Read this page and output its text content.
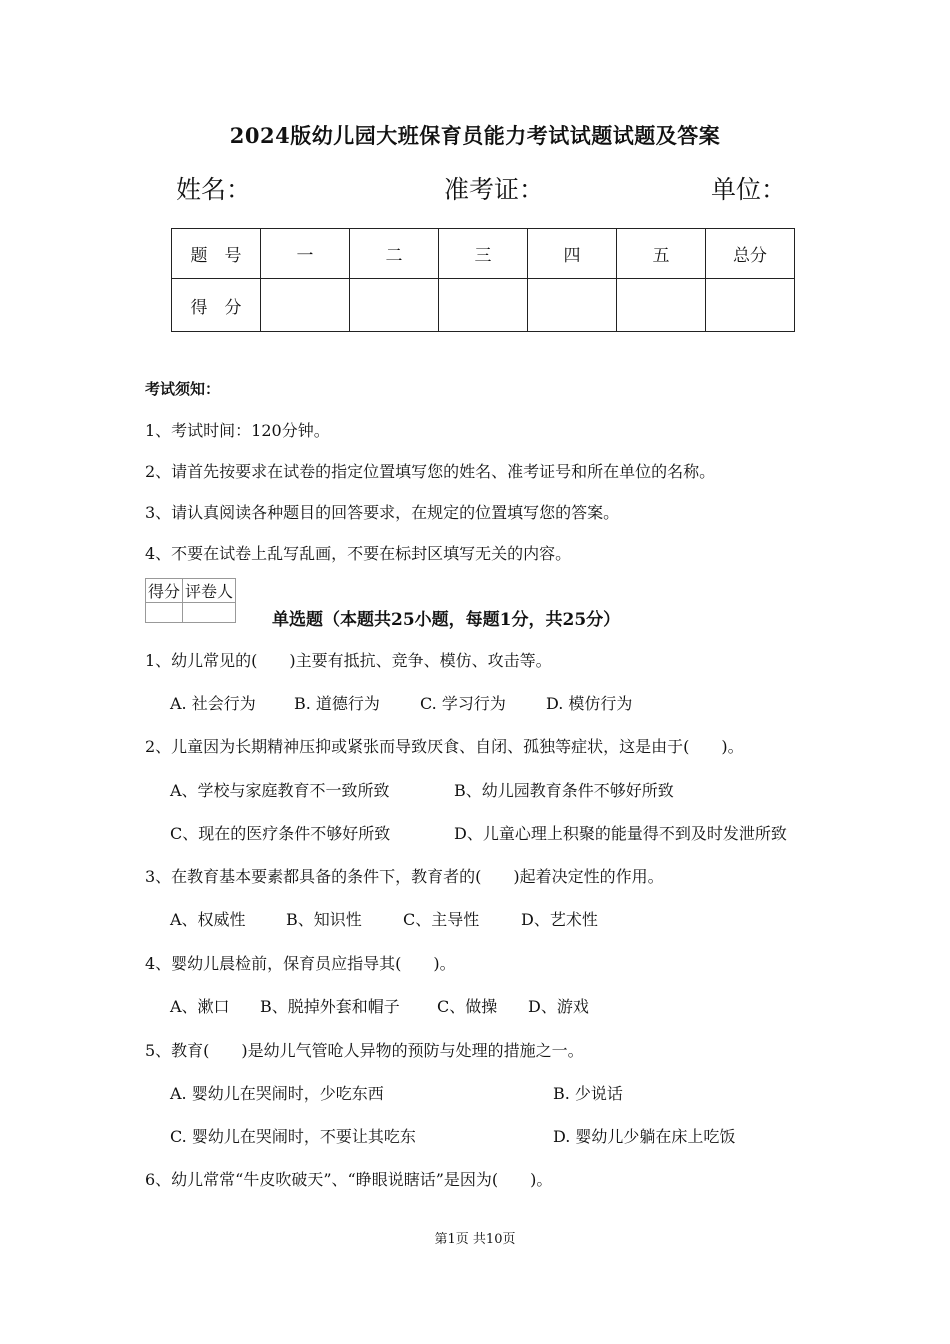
2024版幼儿园大班保育员能力考试试题试题及答案
姓名：	准考证：	单位：
题　号	一	二	三	四	五	总分
得　分						
考试须知：
1、考试时间：120分钟。
2、请首先按要求在试卷的指定位置填写您的姓名、准考证号和所在单位的名称。
3、请认真阅读各种题目的回答要求，在规定的位置填写您的答案。
4、不要在试卷上乱写乱画，不要在标封区填写无关的内容。
得分	评卷人

单选题（本题共25小题，每题1分，共25分）
1、幼儿常见的(　　)主要有抵抗、竞争、模仿、攻击等。
A. 社会行为 B. 道德行为	C. 学习行为	D. 模仿行为
2、儿童因为长期精神压抑或紧张而导致厌食、自闭、孤独等症状，这是由于(　　)。
A、学校与家庭教育不一致所致	B、幼儿园教育条件不够好所致
C、现在的医疗条件不够好所致	D、儿童心理上积聚的能量得不到及时发泄所致
3、在教育基本要素都具备的条件下，教育者的(　　)起着决定性的作用。
A、权威性	B、知识性	C、主导性	D、艺术性
4、婴幼儿晨检前，保育员应指导其(　　)。
A、漱口 B、脱掉外套和帽子 C、做操 D、游戏
5、教育(　　)是幼儿气管呛人异物的预防与处理的措施之一。
A. 婴幼儿在哭闹时，少吃东西	B. 少说话
C. 婴幼儿在哭闹时，不要让其吃东	D. 婴幼儿少躺在床上吃饭
6、幼儿常常“牛皮吹破天”、“睁眼说瞎话”是因为(　　)。
第1页 共10页
